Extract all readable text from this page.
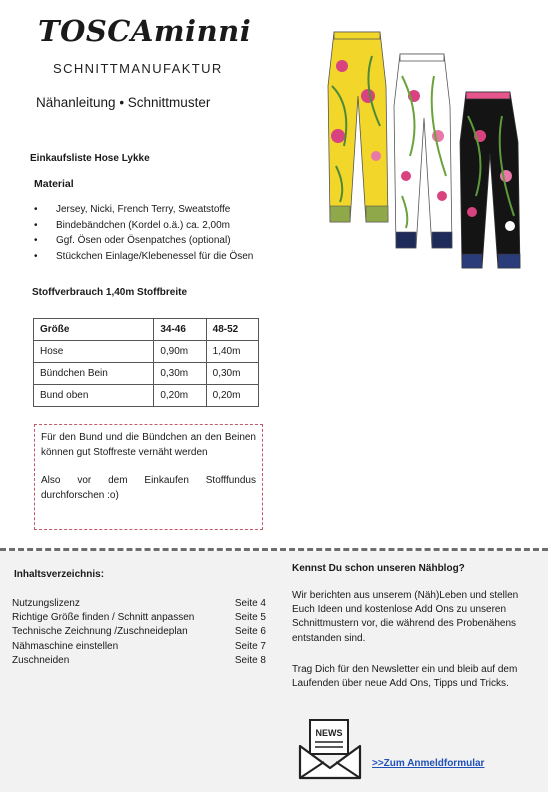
TOSCAminni
SCHNITTMANUFAKTUR
Nähanleitung • Schnittmuster
Einkaufsliste Hose Lykke
Material
• Jersey, Nicki, French Terry, Sweatstoffe
• Bindebändchen (Kordel o.ä.) ca. 2,00m
• Ggf. Ösen oder Ösenpatches (optional)
• Stückchen Einlage/Klebenessel für die Ösen
Stoffverbrauch 1,40m Stoffbreite
Größe	34-46	48-52
Hose	0,90m	1,40m
Bündchen Bein	0,30m	0,30m
Bund oben	0,20m	0,20m

Für den Bund und die Bündchen an den Beinen können gut Stoffreste vernäht werden

Also vor dem Einkaufen Stofffundus durchforschen :o)

Inhaltsverzeichnis:
Nutzungslizenz	Seite 4
Richtige Größe finden / Schnitt anpassen	Seite 5
Technische Zeichnung /Zuschneideplan	Seite 6
Nähmaschine einstellen	Seite 7
Zuschneiden	Seite 8
Kennst Du schon unseren Nähblog?
Wir berichten aus unserem (Näh)Leben und stellen Euch Ideen und kostenlose Add Ons zu unseren Schnittmustern vor, die während des Probenähens entstanden sind.
Trag Dich für den Newsletter ein und bleib auf dem Laufenden über neue Add Ons, Tipps und Tricks.
NEWS
>>Zum Anmeldformular
